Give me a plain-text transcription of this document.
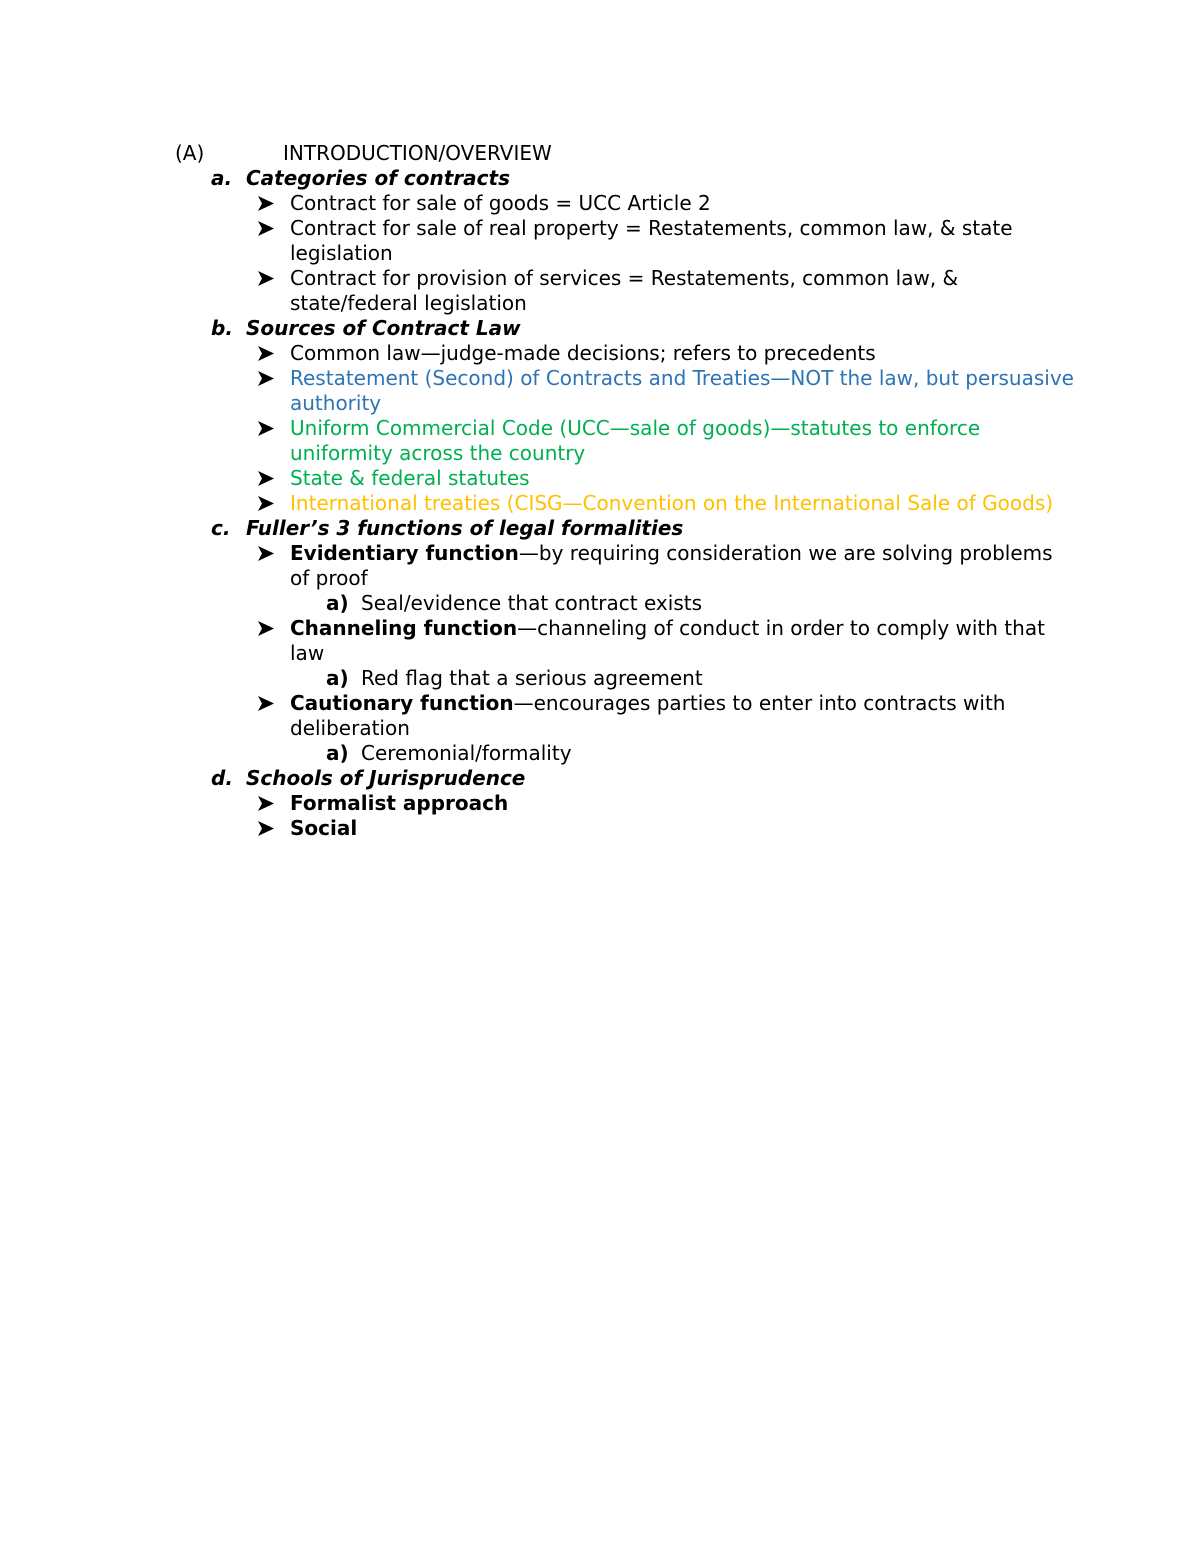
(A)	INTRODUCTION/OVERVIEW
a. Categories of contracts
Contract for sale of goods = UCC Article 2
Contract for sale of real property = Restatements, common law, & state legislation
Contract for provision of services = Restatements, common law, & state/federal legislation
b. Sources of Contract Law
Common law—judge-made decisions; refers to precedents
Restatement (Second) of Contracts and Treaties—NOT the law, but persuasive authority
Uniform Commercial Code (UCC—sale of goods)—statutes to enforce uniformity across the country
State & federal statutes
International treaties (CISG—Convention on the International Sale of Goods)
c. Fuller’s 3 functions of legal formalities
Evidentiary function—by requiring consideration we are solving problems of proof
a) Seal/evidence that contract exists
Channeling function—channeling of conduct in order to comply with that law
a) Red flag that a serious agreement
Cautionary function—encourages parties to enter into contracts with deliberation
a) Ceremonial/formality
d. Schools of Jurisprudence
Formalist approach
Social
